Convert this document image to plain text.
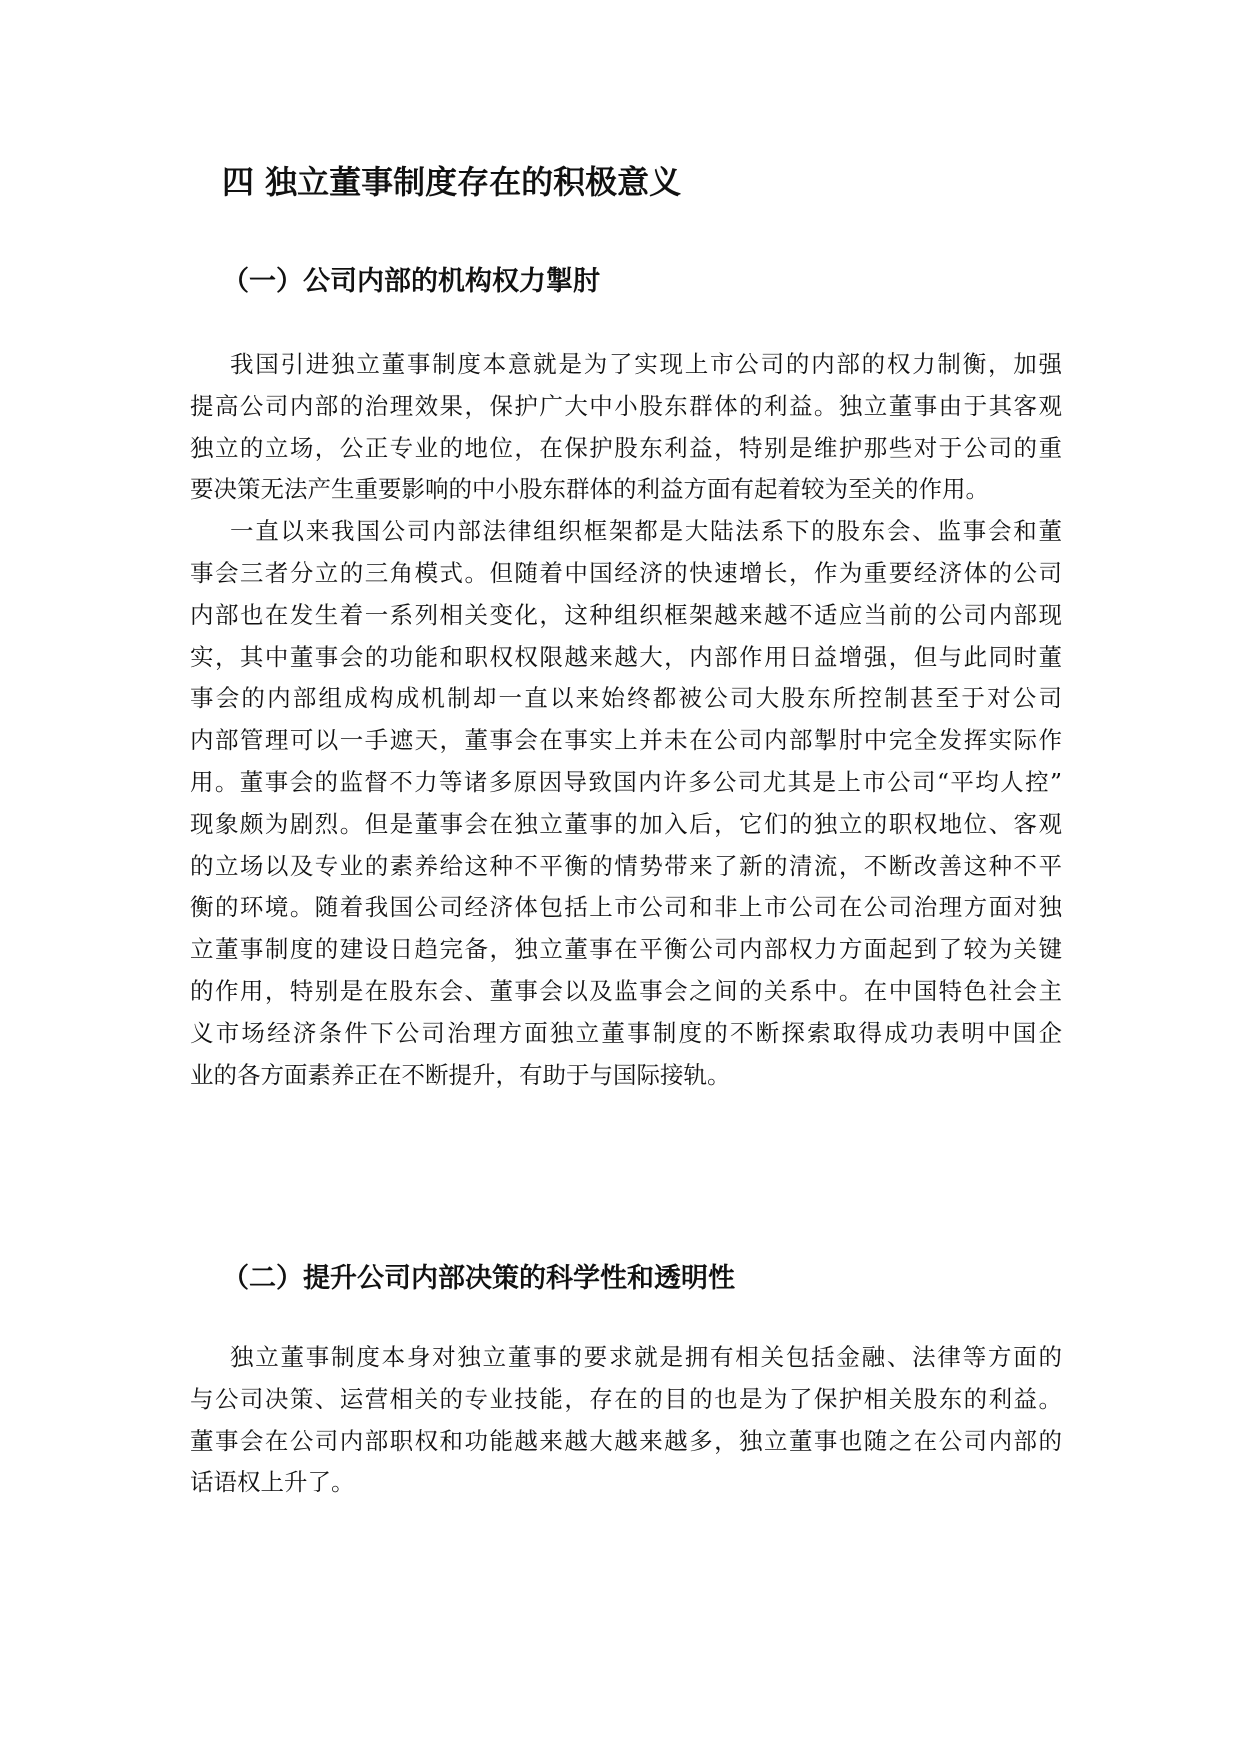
四 独立董事制度存在的积极意义
（一）公司内部的机构权力掣肘

我国引进独立董事制度本意就是为了实现上市公司的内部的权力制衡，加强
提高公司内部的治理效果，保护广大中小股东群体的利益。独立董事由于其客观
独立的立场，公正专业的地位，在保护股东利益，特别是维护那些对于公司的重
要决策无法产生重要影响的中小股东群体的利益方面有起着较为至关的作用。

一直以来我国公司内部法律组织框架都是大陆法系下的股东会、监事会和董
事会三者分立的三角模式。但随着中国经济的快速增长，作为重要经济体的公司
内部也在发生着一系列相关变化，这种组织框架越来越不适应当前的公司内部现
实，其中董事会的功能和职权权限越来越大，内部作用日益增强，但与此同时董
事会的内部组成构成机制却一直以来始终都被公司大股东所控制甚至于对公司
内部管理可以一手遮天，董事会在事实上并未在公司内部掣肘中完全发挥实际作
用。董事会的监督不力等诸多原因导致国内许多公司尤其是上市公司“平均人控”
现象颇为剧烈。但是董事会在独立董事的加入后，它们的独立的职权地位、客观
的立场以及专业的素养给这种不平衡的情势带来了新的清流，不断改善这种不平
衡的环境。随着我国公司经济体包括上市公司和非上市公司在公司治理方面对独
立董事制度的建设日趋完备，独立董事在平衡公司内部权力方面起到了较为关键
的作用，特别是在股东会、董事会以及监事会之间的关系中。在中国特色社会主
义市场经济条件下公司治理方面独立董事制度的不断探索取得成功表明中国企
业的各方面素养正在不断提升，有助于与国际接轨。

（二）提升公司内部决策的科学性和透明性

独立董事制度本身对独立董事的要求就是拥有相关包括金融、法律等方面的
与公司决策、运营相关的专业技能，存在的目的也是为了保护相关股东的利益。
董事会在公司内部职权和功能越来越大越来越多，独立董事也随之在公司内部的
话语权上升了。
